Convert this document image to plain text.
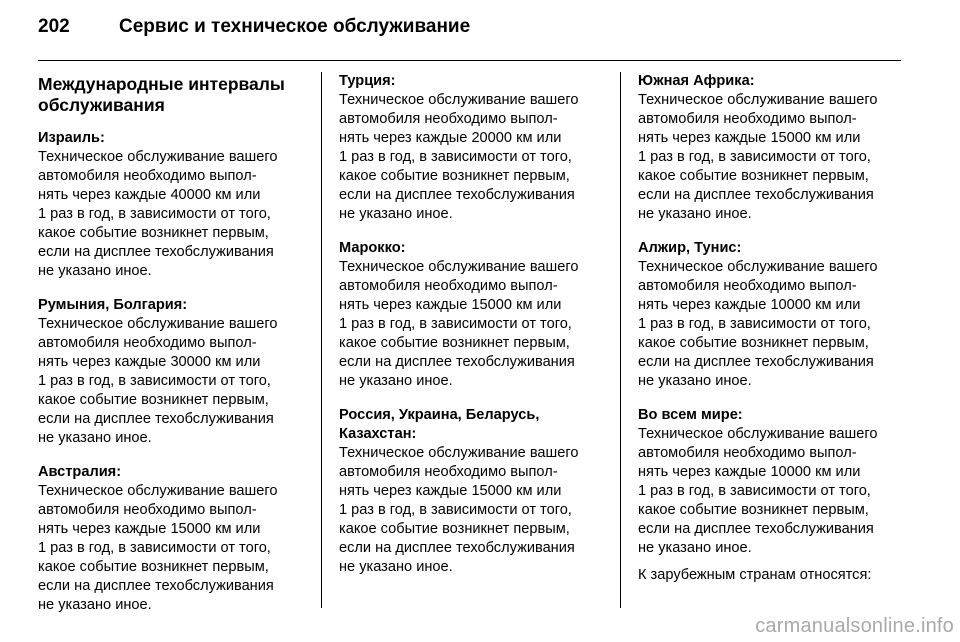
202	Сервис и техническое обслуживание
Международные интервалы
обслуживания
Израиль:
Техническое обслуживание вашего
автомобиля необходимо выпол-
нять через каждые 40000 км или
1 раз в год, в зависимости от того,
какое событие возникнет первым,
если на дисплее техобслуживания
не указано иное.
Румыния, Болгария:
Техническое обслуживание вашего
автомобиля необходимо выпол-
нять через каждые 30000 км или
1 раз в год, в зависимости от того,
какое событие возникнет первым,
если на дисплее техобслуживания
не указано иное.
Австралия:
Техническое обслуживание вашего
автомобиля необходимо выпол-
нять через каждые 15000 км или
1 раз в год, в зависимости от того,
какое событие возникнет первым,
если на дисплее техобслуживания
не указано иное.
Турция:
Техническое обслуживание вашего
автомобиля необходимо выпол-
нять через каждые 20000 км или
1 раз в год, в зависимости от того,
какое событие возникнет первым,
если на дисплее техобслуживания
не указано иное.
Марокко:
Техническое обслуживание вашего
автомобиля необходимо выпол-
нять через каждые 15000 км или
1 раз в год, в зависимости от того,
какое событие возникнет первым,
если на дисплее техобслуживания
не указано иное.
Россия, Украина, Беларусь,
Казахстан:
Техническое обслуживание вашего
автомобиля необходимо выпол-
нять через каждые 15000 км или
1 раз в год, в зависимости от того,
какое событие возникнет первым,
если на дисплее техобслуживания
не указано иное.
Южная Африка:
Техническое обслуживание вашего
автомобиля необходимо выпол-
нять через каждые 15000 км или
1 раз в год, в зависимости от того,
какое событие возникнет первым,
если на дисплее техобслуживания
не указано иное.
Алжир, Тунис:
Техническое обслуживание вашего
автомобиля необходимо выпол-
нять через каждые 10000 км или
1 раз в год, в зависимости от того,
какое событие возникнет первым,
если на дисплее техобслуживания
не указано иное.
Во всем мире:
Техническое обслуживание вашего
автомобиля необходимо выпол-
нять через каждые 10000 км или
1 раз в год, в зависимости от того,
какое событие возникнет первым,
если на дисплее техобслуживания
не указано иное.
К зарубежным странам относятся:
carmanualsonline.info
